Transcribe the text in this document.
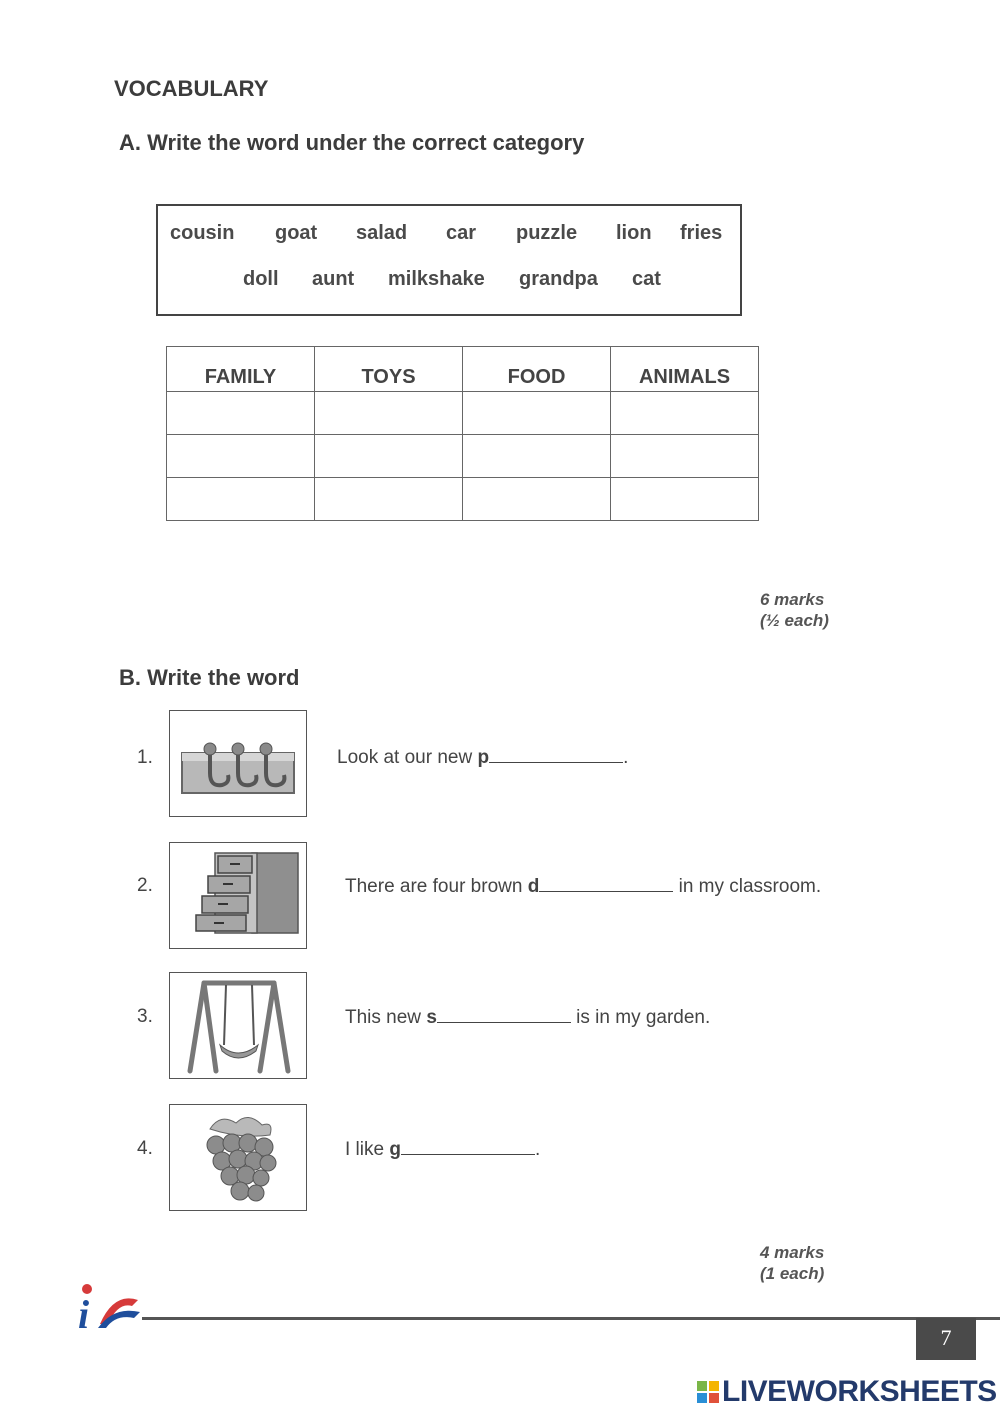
VOCABULARY
A. Write the word under the correct category
cousin goat salad car puzzle lion fries
doll aunt milkshake grandpa cat
FAMILY	TOYS	FOOD	ANIMALS

6 marks
(½ each)
B. Write the word
1.	Look at our new p	.
2.	There are four brown d	in my classroom.
3.	This new s	is in my garden.
4.	I like g	.
4 marks
(1 each)
i
7
LIVEWORKSHEETS
